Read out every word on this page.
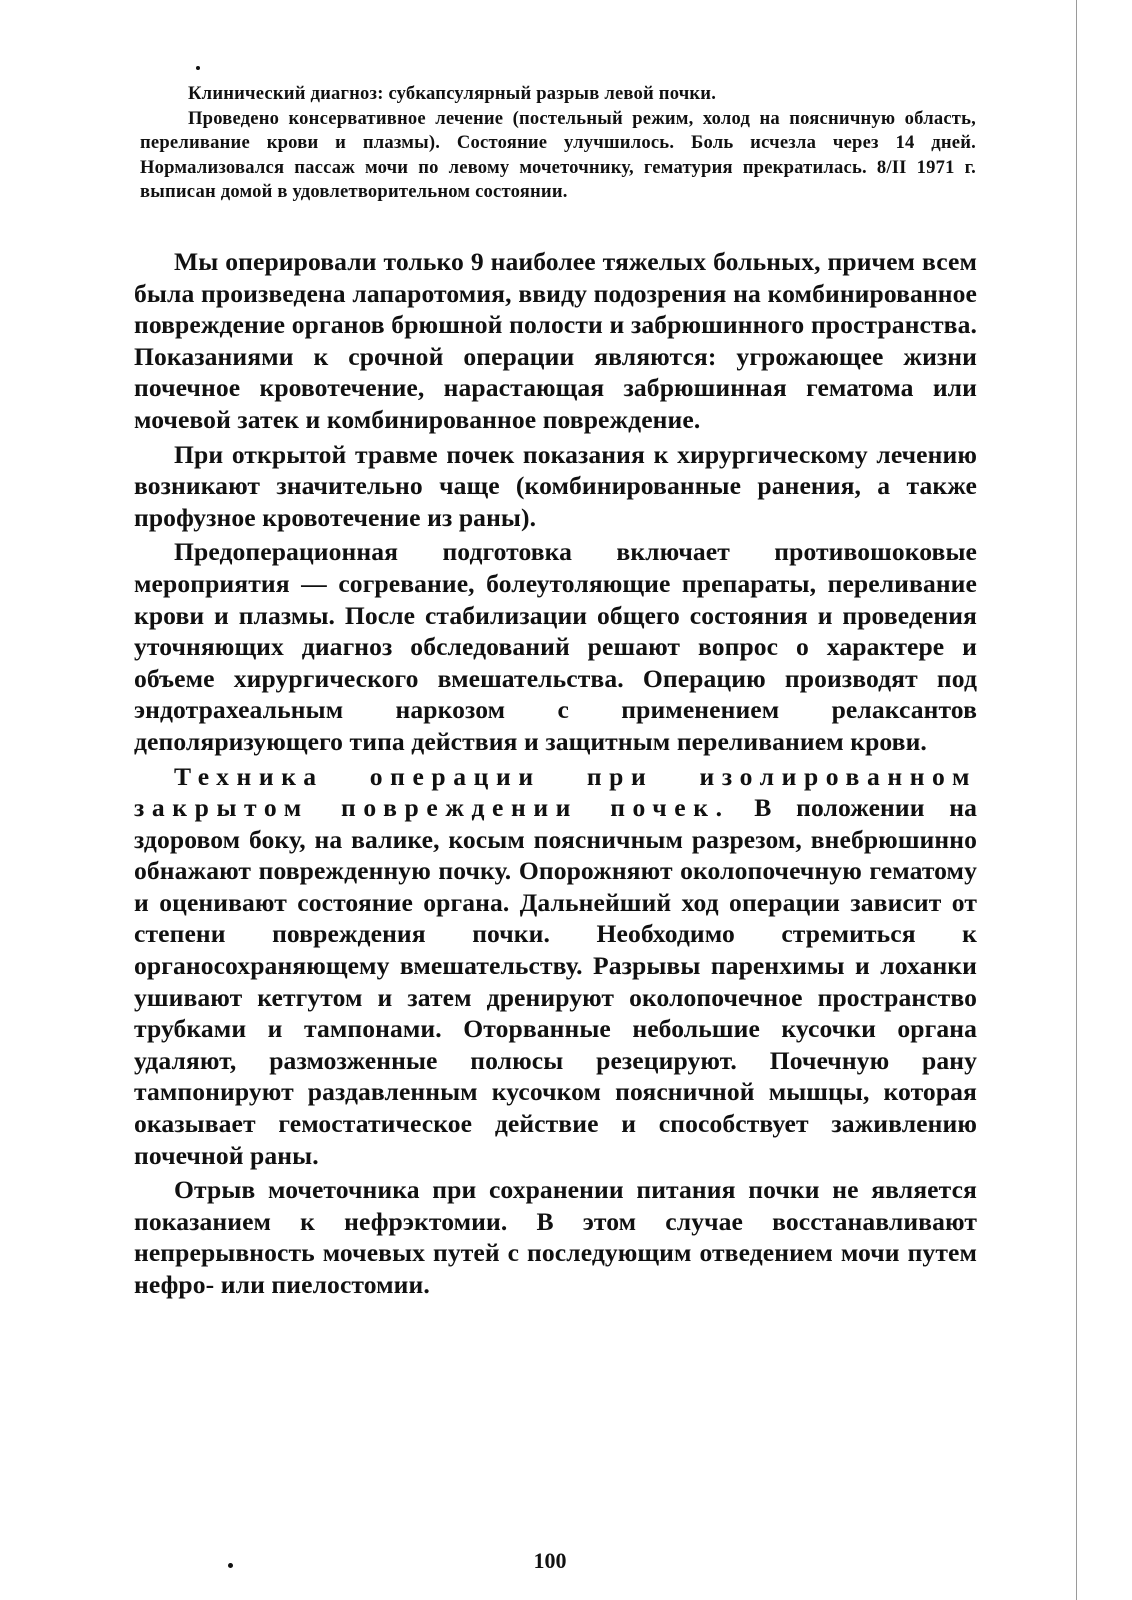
Клинический диагноз: субкапсулярный разрыв левой почки.

Проведено консервативное лечение (постельный режим, холод на поясничную область, переливание крови и плазмы). Состояние улучшилось. Боль исчезла через 14 дней. Нормализовался пассаж мочи по левому мочеточнику, гематурия прекратилась. 8/II 1971 г. выписан домой в удовлетворительном состоянии.

Мы оперировали только 9 наиболее тяжелых больных, причем всем была произведена лапаротомия, ввиду подозрения на комбинированное повреждение органов брюшной полости и забрюшинного пространства. Показаниями к срочной операции являются: угрожающее жизни почечное кровотечение, нарастающая забрюшинная гематома или мочевой затек и комбинированное повреждение.

При открытой травме почек показания к хирургическому лечению возникают значительно чаще (комбинированные ранения, а также профузное кровотечение из раны).

Предоперационная подготовка включает противошоковые мероприятия — согревание, болеутоляющие препараты, переливание крови и плазмы. После стабилизации общего состояния и проведения уточняющих диагноз обследований решают вопрос о характере и объеме хирургического вмешательства. Операцию производят под эндотрахеальным наркозом с применением релаксантов деполяризующего типа действия и защитным переливанием крови.

Техника операции при изолированном закрытом повреждении почек. В положении на здоровом боку, на валике, косым поясничным разрезом, внебрюшинно обнажают поврежденную почку. Опорожняют околопочечную гематому и оценивают состояние органа. Дальнейший ход операции зависит от степени повреждения почки. Необходимо стремиться к органосохраняющему вмешательству. Разрывы паренхимы и лоханки ушивают кетгутом и затем дренируют околопочечное пространство трубками и тампонами. Оторванные небольшие кусочки органа удаляют, размозженные полюсы резецируют. Почечную рану тампонируют раздавленным кусочком поясничной мышцы, которая оказывает гемостатическое действие и способствует заживлению почечной раны.

Отрыв мочеточника при сохранении питания почки не является показанием к нефрэктомии. В этом случае восстанавливают непрерывность мочевых путей с последующим отведением мочи путем нефро- или пиелостомии.

100
